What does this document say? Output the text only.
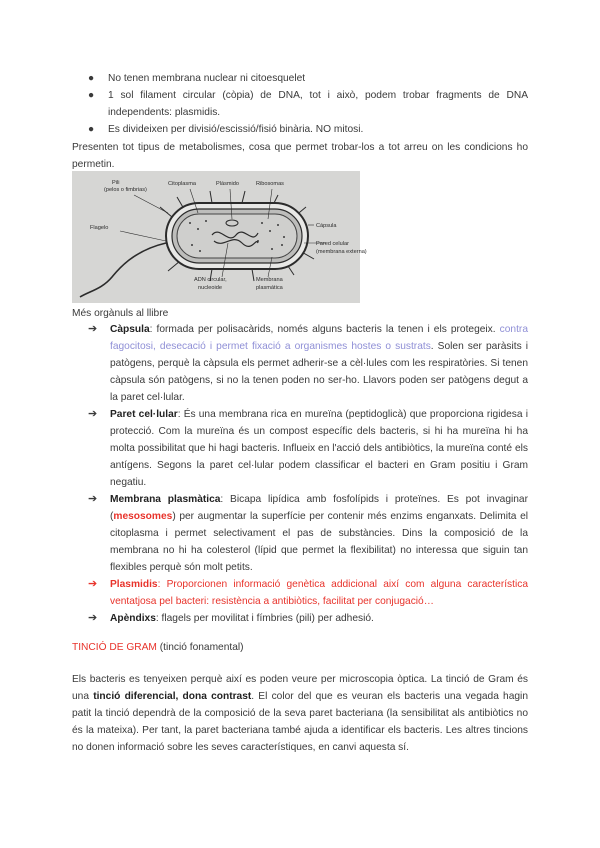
● No tenen membrana nuclear ni citoesquelet
● 1 sol filament circular (còpia) de DNA, tot i això, podem trobar fragments de DNA independents: plasmidis.
● Es divideixen per divisió/escissió/fisió binària. NO mitosi.
Presenten tot tipus de metabolismes, cosa que permet trobar-los a tot arreu on les condicions ho permetin.
Pili
(pelos o fimbrias)
Citoplasma	Plásmido	Ribosomas
Flagelo	Cápsula
Pared celular
(membrana externa)
ADN circular,
nucleoide
Membrana
plasmática
Més orgànuls al llibre
➔ Càpsula: formada per polisacàrids, només alguns bacteris la tenen i els protegeix. contra fagocitosi, desecació i permet fixació a organismes hostes o sustrats. Solen ser paràsits i patògens, perquè la càpsula els permet adherir-se a cèl·lules com les respiratòries. Si tenen càpsula són patògens, si no la tenen poden no ser-ho. Llavors poden ser patògens degut a la paret cel·lular.
➔ Paret cel·lular: És una membrana rica en mureïna (peptidoglicà) que proporciona rigidesa i protecció. Com la mureïna és un compost específic dels bacteris, si hi ha mureïna hi ha molta possibilitat que hi hagi bacteris. Influeix en l'acció dels antibiòtics, la mureïna conté els antígens. Segons la paret cel·lular podem classificar el bacteri en Gram positiu i Gram negatiu.
➔ Membrana plasmàtica: Bicapa lipídica amb fosfolípids i proteïnes. Es pot invaginar (mesosomes) per augmentar la superfície per contenir més enzims enganxats. Delimita el citoplasma i permet selectivament el pas de substàncies. Dins la composició de la membrana no hi ha colesterol (lípid que permet la flexibilitat) no interessa que siguin tan flexibles perquè són molt petits.
➔ Plasmidis: Proporcionen informació genètica addicional així com alguna característica ventatjosa pel bacteri: resistència a antibiòtics, facilitat per conjugació…
➔ Apèndixs: flagels per movilitat i fímbries (pili) per adhesió.
TINCIÓ DE GRAM (tinció fonamental)
Els bacteris es tenyeixen perquè així es poden veure per microscopia òptica. La tinció de Gram és una tinció diferencial, dona contrast. El color del que es veuran els bacteris una vegada hagin patit la tinció dependrà de la composició de la seva paret bacteriana (la sensibilitat als antibiòtics no és la mateixa). Per tant, la paret bacteriana també ajuda a identificar els bacteris. Les altres tincions no donen informació sobre les seves característiques, en canvi aquesta sí.
